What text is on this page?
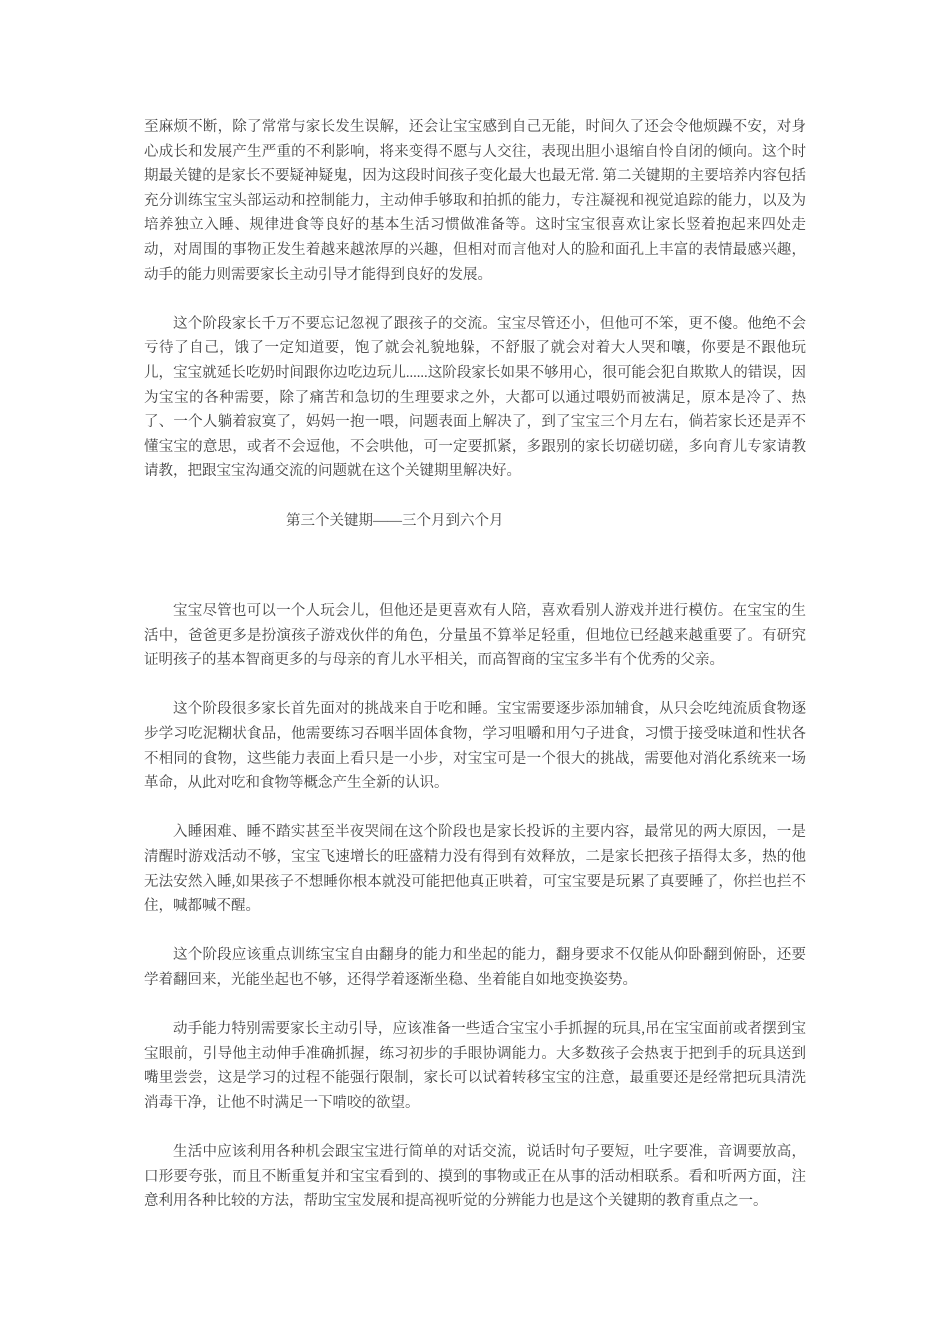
至麻烦不断，除了常常与家长发生误解，还会让宝宝感到自己无能，时间久了还会令他烦躁不安，对身心成长和发展产生严重的不利影响，将来变得不愿与人交往，表现出胆小退缩自怜自闭的倾向。这个时期最关键的是家长不要疑神疑鬼，因为这段时间孩子变化最大也最无常. 第二关键期的主要培养内容包括充分训练宝宝头部运动和控制能力，主动伸手够取和拍抓的能力，专注凝视和视觉追踪的能力，以及为培养独立入睡、规律进食等良好的基本生活习惯做准备等。这时宝宝很喜欢让家长竖着抱起来四处走动，对周围的事物正发生着越来越浓厚的兴趣，但相对而言他对人的脸和面孔上丰富的表情最感兴趣，动手的能力则需要家长主动引导才能得到良好的发展。

这个阶段家长千万不要忘记忽视了跟孩子的交流。宝宝尽管还小，但他可不笨，更不傻。他绝不会亏待了自己，饿了一定知道要，饱了就会礼貌地躲，不舒服了就会对着大人哭和嚷，你要是不跟他玩儿，宝宝就延长吃奶时间跟你边吃边玩儿......这阶段家长如果不够用心，很可能会犯自欺欺人的错误，因为宝宝的各种需要，除了痛苦和急切的生理要求之外，大都可以通过喂奶而被满足，原本是冷了、热了、一个人躺着寂寞了，妈妈一抱一喂，问题表面上解决了，到了宝宝三个月左右，倘若家长还是弄不懂宝宝的意思，或者不会逗他，不会哄他，可一定要抓紧，多跟别的家长切磋切磋，多向育儿专家请教请教，把跟宝宝沟通交流的问题就在这个关键期里解决好。

第三个关键期——三个月到六个月

宝宝尽管也可以一个人玩会儿，但他还是更喜欢有人陪，喜欢看别人游戏并进行模仿。在宝宝的生活中，爸爸更多是扮演孩子游戏伙伴的角色，分量虽不算举足轻重，但地位已经越来越重要了。有研究证明孩子的基本智商更多的与母亲的育儿水平相关，而高智商的宝宝多半有个优秀的父亲。

这个阶段很多家长首先面对的挑战来自于吃和睡。宝宝需要逐步添加辅食，从只会吃纯流质食物逐步学习吃泥糊状食品，他需要练习吞咽半固体食物，学习咀嚼和用勺子进食，习惯于接受味道和性状各不相同的食物，这些能力表面上看只是一小步，对宝宝可是一个很大的挑战，需要他对消化系统来一场革命，从此对吃和食物等概念产生全新的认识。

入睡困难、睡不踏实甚至半夜哭闹在这个阶段也是家长投诉的主要内容，最常见的两大原因，一是清醒时游戏活动不够，宝宝飞速增长的旺盛精力没有得到有效释放，二是家长把孩子捂得太多，热的他无法安然入睡,如果孩子不想睡你根本就没可能把他真正哄着，可宝宝要是玩累了真要睡了，你拦也拦不住，喊都喊不醒。

这个阶段应该重点训练宝宝自由翻身的能力和坐起的能力，翻身要求不仅能从仰卧翻到俯卧，还要学着翻回来，光能坐起也不够，还得学着逐渐坐稳、坐着能自如地变换姿势。

动手能力特别需要家长主动引导，应该准备一些适合宝宝小手抓握的玩具,吊在宝宝面前或者摆到宝宝眼前，引导他主动伸手准确抓握，练习初步的手眼协调能力。大多数孩子会热衷于把到手的玩具送到嘴里尝尝，这是学习的过程不能强行限制，家长可以试着转移宝宝的注意，最重要还是经常把玩具清洗消毒干净，让他不时满足一下啃咬的欲望。

生活中应该利用各种机会跟宝宝进行简单的对话交流，说话时句子要短，吐字要准，音调要放高，口形要夸张，而且不断重复并和宝宝看到的、摸到的事物或正在从事的活动相联系。看和听两方面，注意利用各种比较的方法，帮助宝宝发展和提高视听觉的分辨能力也是这个关键期的教育重点之一。
